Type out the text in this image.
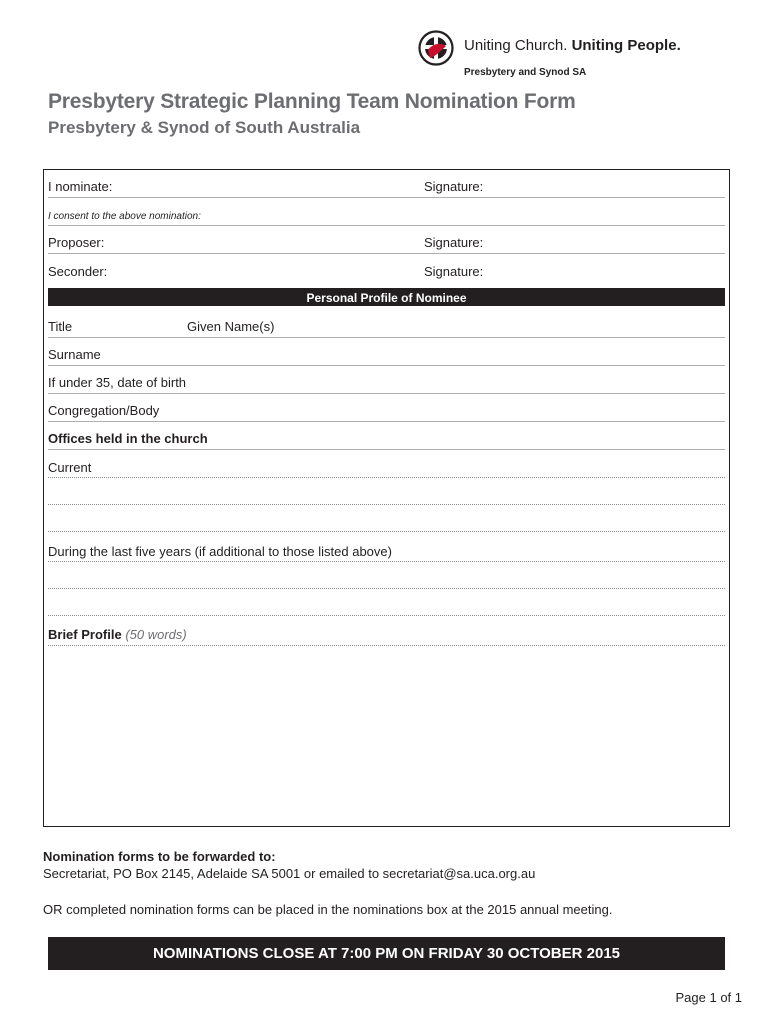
Uniting Church. Uniting People.
Presbytery and Synod SA
Presbytery Strategic Planning Team Nomination Form
Presbytery & Synod of South Australia
I nominate:	Signature:
I consent to the above nomination:
Proposer:	Signature:
Seconder:	Signature:
Personal Profile of Nominee
Title	Given Name(s)
Surname
If under 35, date of birth
Congregation/Body
Offices held in the church
Current
During the last five years (if additional to those listed above)
Brief Profile (50 words)
Nomination forms to be forwarded to:
Secretariat, PO Box 2145, Adelaide SA 5001 or emailed to secretariat@sa.uca.org.au
OR completed nomination forms can be placed in the nominations box at the 2015 annual meeting.
NOMINATIONS CLOSE AT 7:00 PM ON FRIDAY 30 OCTOBER 2015
Page 1 of 1
